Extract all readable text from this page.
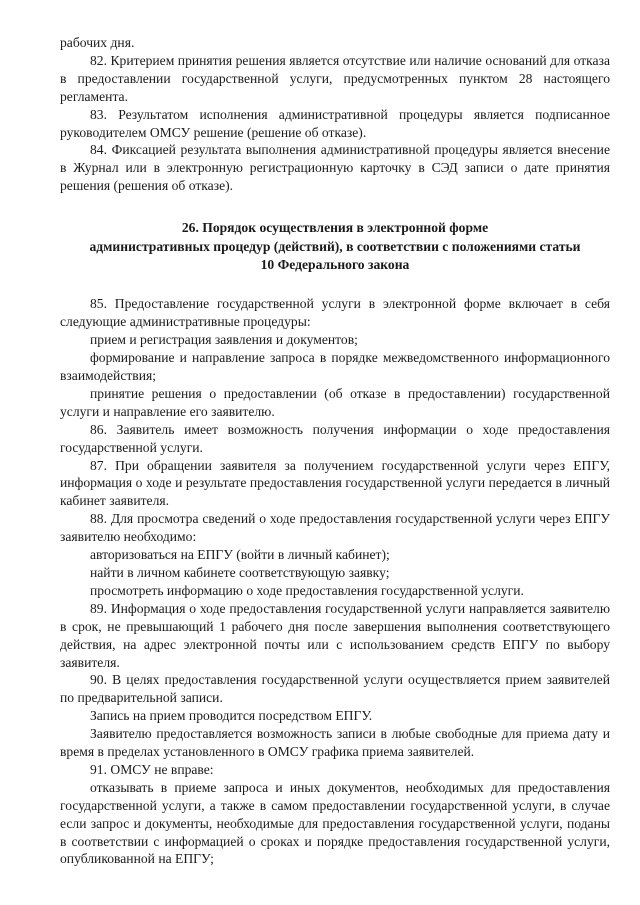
рабочих дня.

82. Критерием принятия решения является отсутствие или наличие оснований для отказа в предоставлении государственной услуги, предусмотренных пунктом 28 настоящего регламента.

83. Результатом исполнения административной процедуры является подписанное руководителем ОМСУ решение (решение об отказе).

84. Фиксацией результата выполнения административной процедуры является внесение в Журнал или в электронную регистрационную карточку в СЭД записи о дате принятия решения (решения об отказе).

26. Порядок осуществления в электронной форме
административных процедур (действий), в соответствии с положениями статьи
10 Федерального закона

85. Предоставление государственной услуги в электронной форме включает в себя следующие административные процедуры:

прием и регистрация заявления и документов;

формирование и направление запроса в порядке межведомственного информационного взаимодействия;

принятие решения о предоставлении (об отказе в предоставлении) государственной услуги и направление его заявителю.

86. Заявитель имеет возможность получения информации о ходе предоставления государственной услуги.

87. При обращении заявителя за получением государственной услуги через ЕПГУ, информация о ходе и результате предоставления государственной услуги передается в личный кабинет заявителя.

88. Для просмотра сведений о ходе предоставления государственной услуги через ЕПГУ заявителю необходимо:

авторизоваться на ЕПГУ (войти в личный кабинет);

найти в личном кабинете соответствующую заявку;

просмотреть информацию о ходе предоставления государственной услуги.

89. Информация о ходе предоставления государственной услуги направляется заявителю в срок, не превышающий 1 рабочего дня после завершения выполнения соответствующего действия, на адрес электронной почты или с использованием средств ЕПГУ по выбору заявителя.

90. В целях предоставления государственной услуги осуществляется прием заявителей по предварительной записи.

Запись на прием проводится посредством ЕПГУ.

Заявителю предоставляется возможность записи в любые свободные для приема дату и время в пределах установленного в ОМСУ графика приема заявителей.

91. ОМСУ не вправе:

отказывать в приеме запроса и иных документов, необходимых для предоставления государственной услуги, а также в самом предоставлении государственной услуги, в случае если запрос и документы, необходимые для предоставления государственной услуги, поданы в соответствии с информацией о сроках и порядке предоставления государственной услуги, опубликованной на ЕПГУ;
